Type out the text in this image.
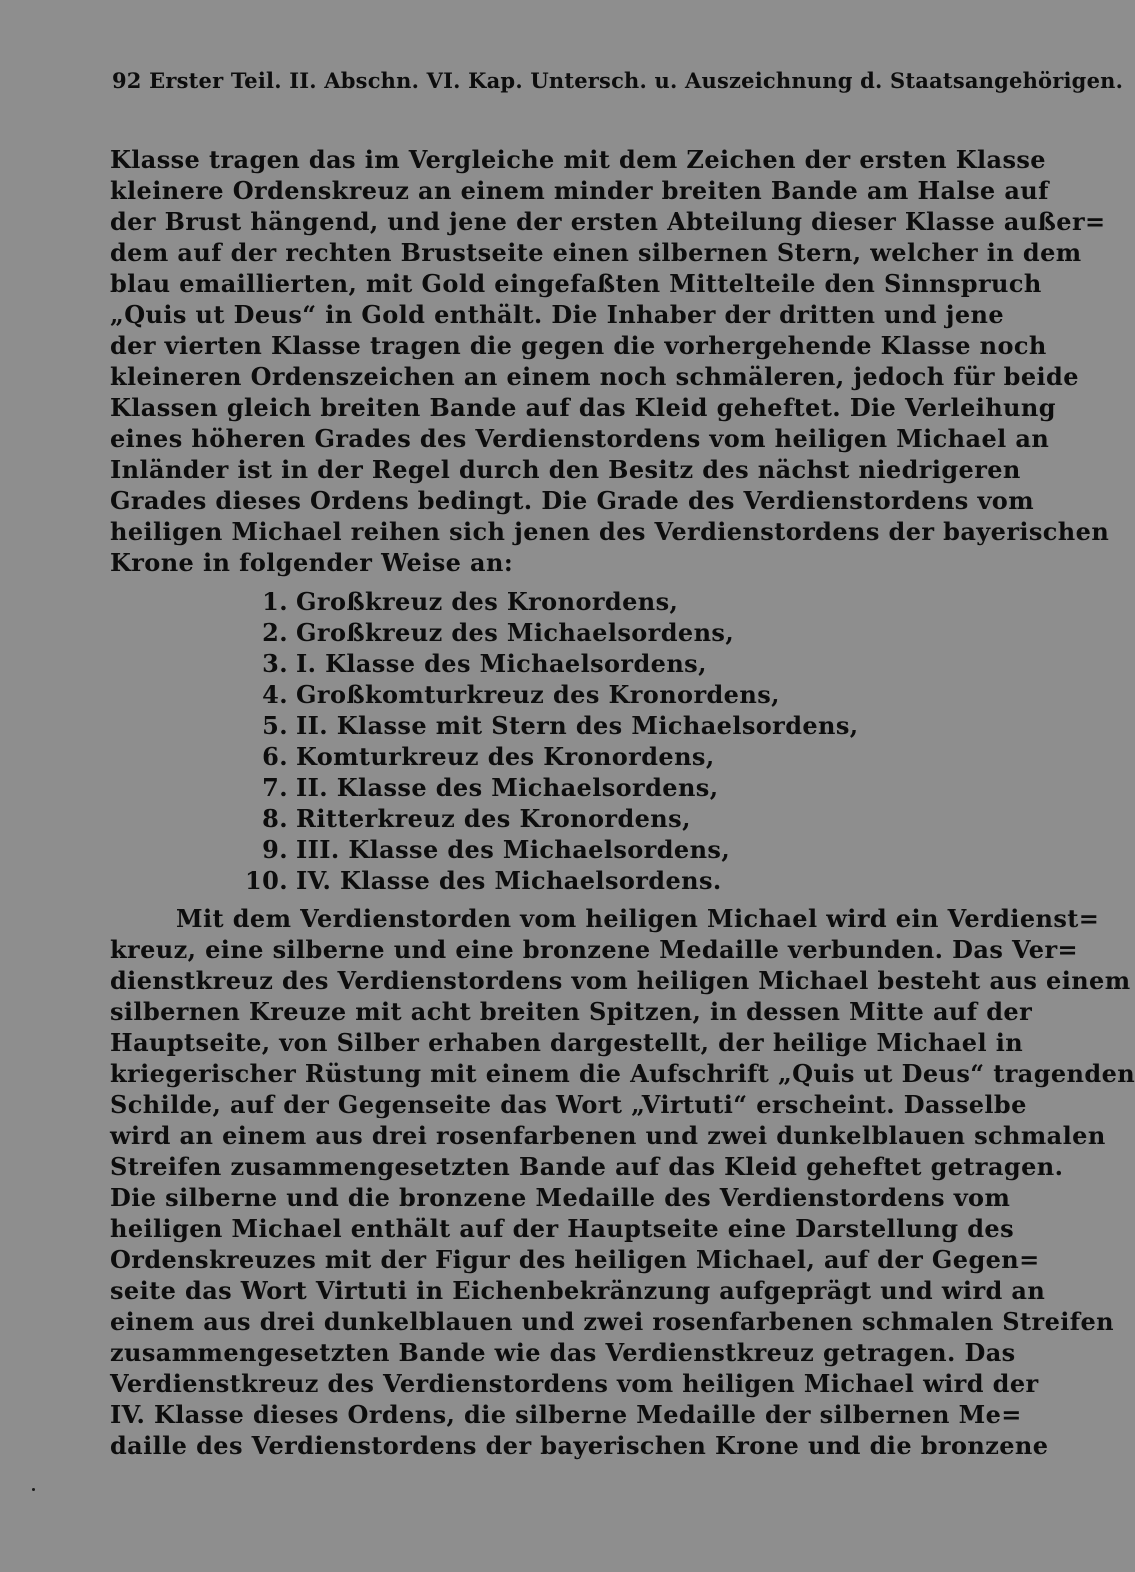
92 Erster Teil. II. Abschn. VI. Kap. Untersch. u. Auszeichnung d. Staatsangehörigen.
Klasse tragen das im Vergleiche mit dem Zeichen der ersten Klasse
kleinere Ordenskreuz an einem minder breiten Bande am Halse auf
der Brust hängend, und jene der ersten Abteilung dieser Klasse außer=
dem auf der rechten Brustseite einen silbernen Stern, welcher in dem
blau emaillierten, mit Gold eingefaßten Mittelteile den Sinnspruch
„Quis ut Deus“ in Gold enthält. Die Inhaber der dritten und jene
der vierten Klasse tragen die gegen die vorhergehende Klasse noch
kleineren Ordenszeichen an einem noch schmäleren, jedoch für beide
Klassen gleich breiten Bande auf das Kleid geheftet. Die Verleihung
eines höheren Grades des Verdienstordens vom heiligen Michael an
Inländer ist in der Regel durch den Besitz des nächst niedrigeren
Grades dieses Ordens bedingt. Die Grade des Verdienstordens vom
heiligen Michael reihen sich jenen des Verdienstordens der bayerischen
Krone in folgender Weise an:
1. Großkreuz des Kronordens,
2. Großkreuz des Michaelsordens,
3. I. Klasse des Michaelsordens,
4. Großkomturkreuz des Kronordens,
5. II. Klasse mit Stern des Michaelsordens,
6. Komturkreuz des Kronordens,
7. II. Klasse des Michaelsordens,
8. Ritterkreuz des Kronordens,
9. III. Klasse des Michaelsordens,
10. IV. Klasse des Michaelsordens.
Mit dem Verdienstorden vom heiligen Michael wird ein Verdienst=
kreuz, eine silberne und eine bronzene Medaille verbunden. Das Ver=
dienstkreuz des Verdienstordens vom heiligen Michael besteht aus einem
silbernen Kreuze mit acht breiten Spitzen, in dessen Mitte auf der
Hauptseite, von Silber erhaben dargestellt, der heilige Michael in
kriegerischer Rüstung mit einem die Aufschrift „Quis ut Deus“ tragenden
Schilde, auf der Gegenseite das Wort „Virtuti“ erscheint. Dasselbe
wird an einem aus drei rosenfarbenen und zwei dunkelblauen schmalen
Streifen zusammengesetzten Bande auf das Kleid geheftet getragen.
Die silberne und die bronzene Medaille des Verdienstordens vom
heiligen Michael enthält auf der Hauptseite eine Darstellung des
Ordenskreuzes mit der Figur des heiligen Michael, auf der Gegen=
seite das Wort Virtuti in Eichenbekränzung aufgeprägt und wird an
einem aus drei dunkelblauen und zwei rosenfarbenen schmalen Streifen
zusammengesetzten Bande wie das Verdienstkreuz getragen. Das
Verdienstkreuz des Verdienstordens vom heiligen Michael wird der
IV. Klasse dieses Ordens, die silberne Medaille der silbernen Me=
daille des Verdienstordens der bayerischen Krone und die bronzene
